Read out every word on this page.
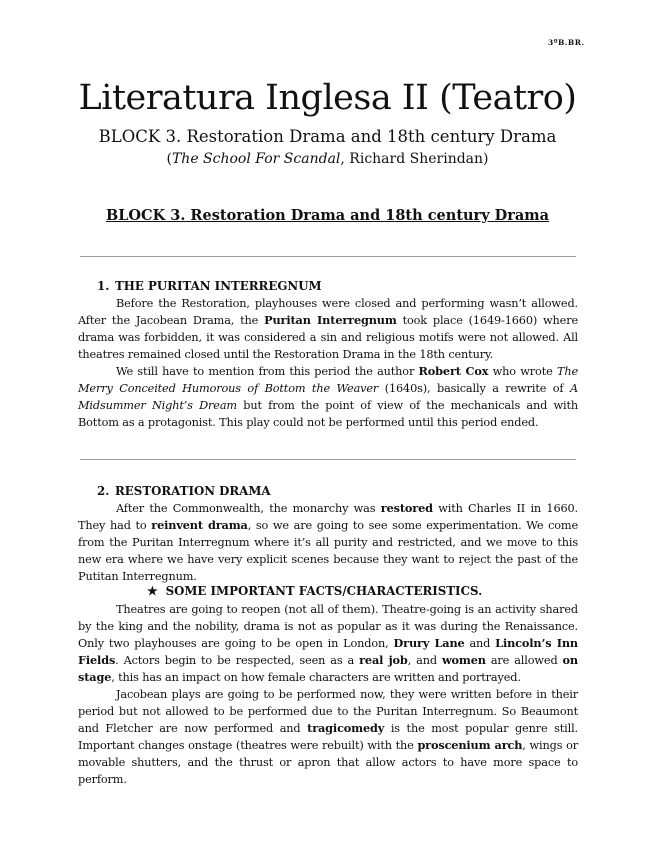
3ºB.BR.
Literatura Inglesa II (Teatro)
BLOCK 3. Restoration Drama and 18th century Drama
(The School For Scandal, Richard Sherindan)
BLOCK 3. Restoration Drama and 18th century Drama
1. THE PURITAN INTERREGNUM

Before the Restoration, playhouses were closed and performing wasn’t allowed. After the Jacobean Drama, the Puritan Interregnum took place (1649-1660) where drama was forbidden, it was considered a sin and religious motifs were not allowed. All theatres remained closed until the Restoration Drama in the 18th century.

We still have to mention from this period the author Robert Cox who wrote The Merry Conceited Humorous of Bottom the Weaver (1640s), basically a rewrite of A Midsummer Night’s Dream but from the point of view of the mechanicals and with Bottom as a protagonist. This play could not be performed until this period ended.

2. RESTORATION DRAMA

After the Commonwealth, the monarchy was restored with Charles II in 1660. They had to reinvent drama, so we are going to see some experimentation. We come from the Puritan Interregnum where it’s all purity and restricted, and we move to this new era where we have very explicit scenes because they want to reject the past of the Putitan Interregnum.

★ SOME IMPORTANT FACTS/CHARACTERISTICS.

Theatres are going to reopen (not all of them). Theatre-going is an activity shared by the king and the nobility, drama is not as popular as it was during the Renaissance. Only two playhouses are going to be open in London, Drury Lane and Lincoln’s Inn Fields. Actors begin to be respected, seen as a real job, and women are allowed on stage, this has an impact on how female characters are written and portrayed.

Jacobean plays are going to be performed now, they were written before in their period but not allowed to be performed due to the Puritan Interregnum. So Beaumont and Fletcher are now performed and tragicomedy is the most popular genre still. Important changes onstage (theatres were rebuilt) with the proscenium arch, wings or movable shutters, and the thrust or apron that allow actors to have more space to perform.
